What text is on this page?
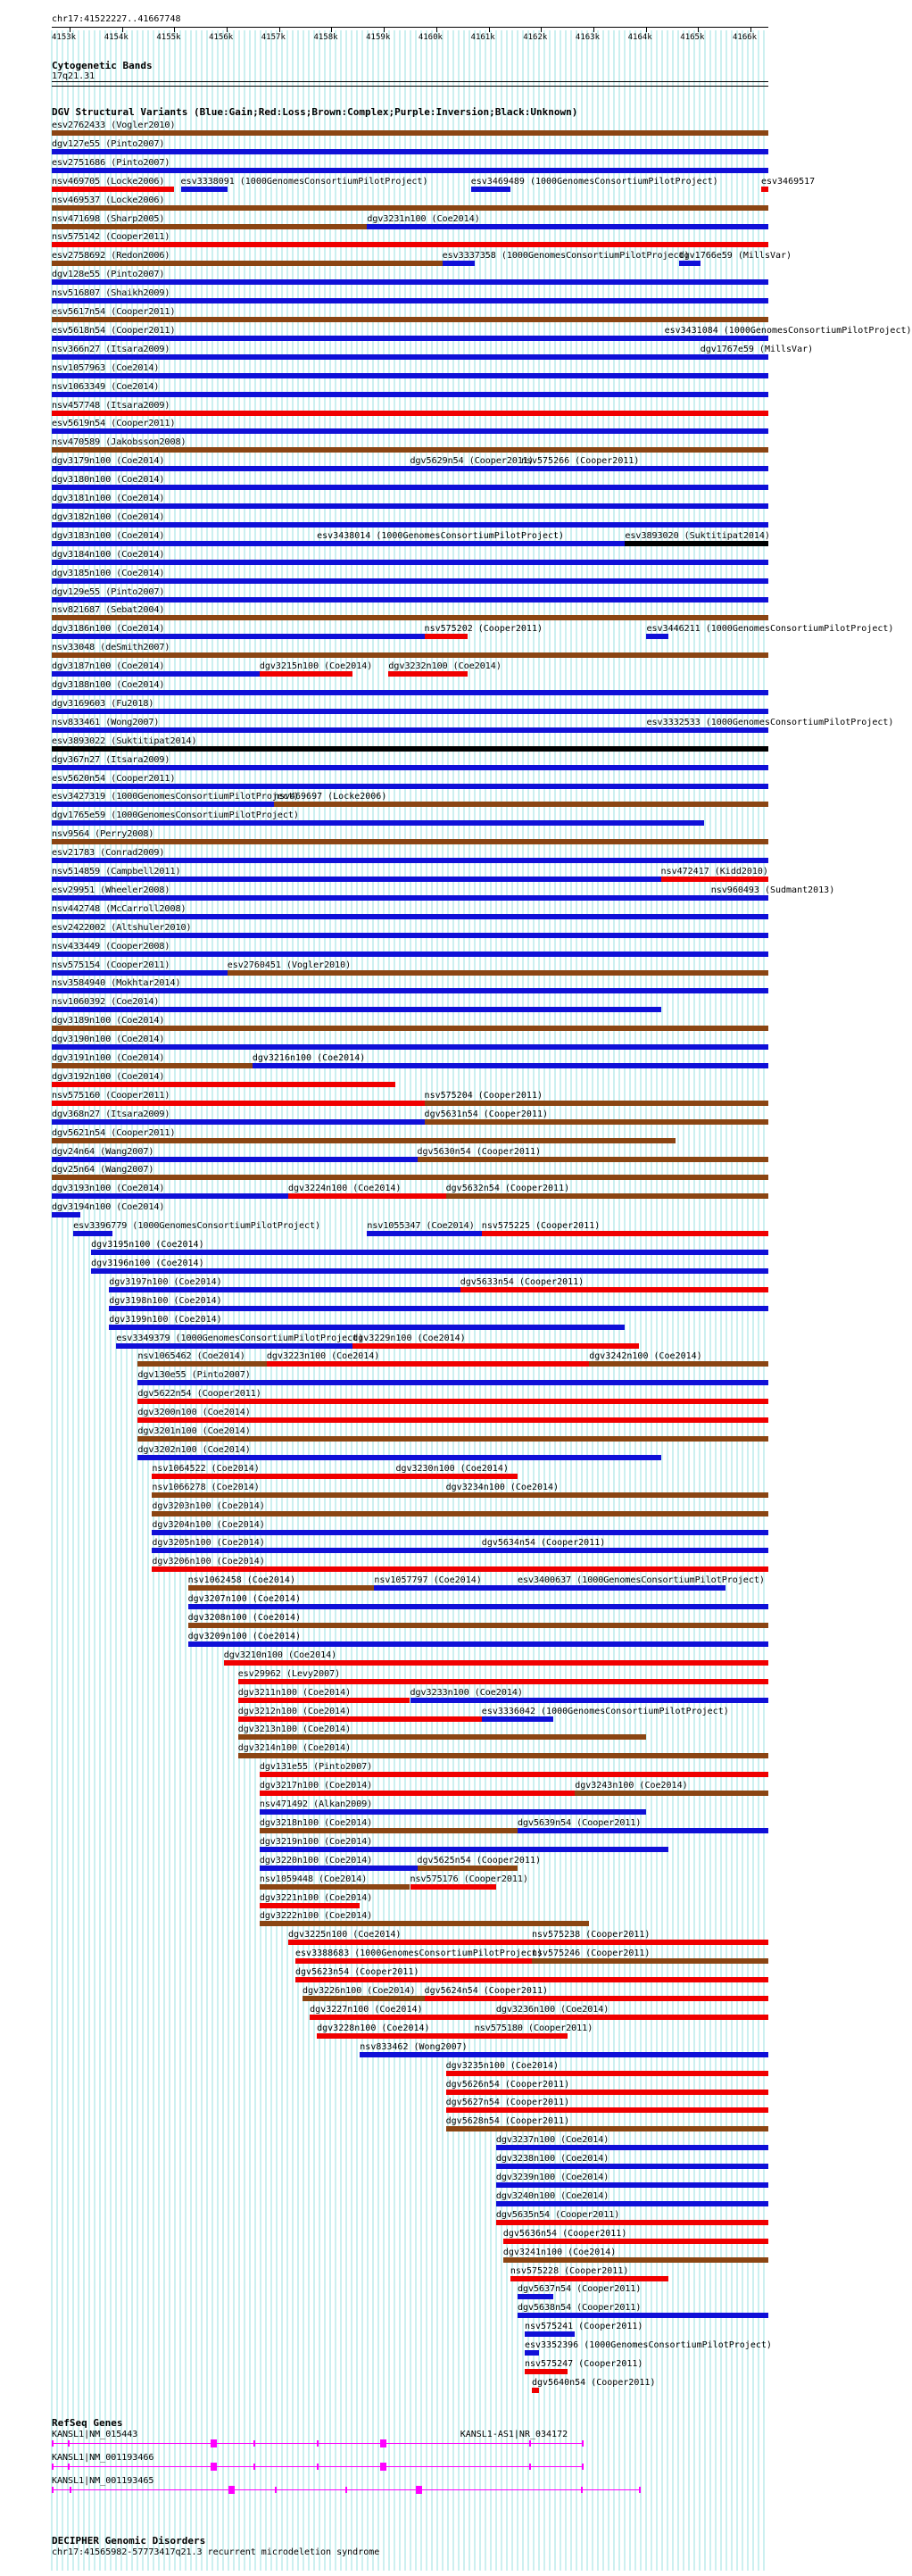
chr17:41522227..41667748
4153k	4154k	4155k	4156k	4157k	4158k	4159k	4160k	4161k	4162k	4163k	4164k	4165k	4166k
Cytogenetic Bands
17q21.31
DGV Structural Variants (Blue:Gain;Red:Loss;Brown:Complex;Purple:Inversion;Black:Unknown)
esv2762433 (Vogler2010)
dgv127e55 (Pinto2007)
esv2751686 (Pinto2007)
nsv469705 (Locke2006) esv3338091 (1000GenomesConsortiumPilotProject)	esv3469489 (1000GenomesConsortiumPilotProject)	esv3469517
nsv469537 (Locke2006)
nsv471698 (Sharp2005)	dgv3231n100 (Coe2014)
nsv575142 (Cooper2011)
esv2758692 (Redon2006)	esv3337358 (1000GenomesConsortiumPilotProject)
dgv1766e59 (MillsVar)
dgv128e55 (Pinto2007)
nsv516807 (Shaikh2009)
esv5617n54 (Cooper2011)
esv5618n54 (Cooper2011)	esv3431084 (1000GenomesConsortiumPilotProject)
nsv366n27 (Itsara2009)	dgv1767e59 (MillsVar)
nsv1057963 (Coe2014)
nsv1063349 (Coe2014)
nsv457748 (Itsara2009)
esv5619n54 (Cooper2011)
nsv470589 (Jakobsson2008)
dgv3179n100 (Coe2014)	dgv5629n54 (Cooper2011)
nsv575266 (Cooper2011)
dgv3180n100 (Coe2014)
dgv3181n100 (Coe2014)
dgv3182n100 (Coe2014)
dgv3183n100 (Coe2014)	esv3438014 (1000GenomesConsortiumPilotProject)	esv3893020 (Suktitipat2014)
dgv3184n100 (Coe2014)
dgv3185n100 (Coe2014)
dgv129e55 (Pinto2007)
nsv821687 (Sebat2004)
dgv3186n100 (Coe2014)	nsv575202 (Cooper2011)	esv3446211 (1000GenomesConsortiumPilotProject)
nsv33048 (deSmith2007)
dgv3187n100 (Coe2014)	dgv3215n100 (Coe2014) dgv3232n100 (Coe2014)
dgv3188n100 (Coe2014)
dgv3169603 (Fu2018)
nsv833461 (Wong2007)	esv3332533 (1000GenomesConsortiumPilotProject)
esv3893022 (Suktitipat2014)
dgv367n27 (Itsara2009)
esv5620n54 (Cooper2011)
esv3427319 (1000GenomesConsortiumPilotProject)
nsv469697 (Locke2006)
dgv1765e59 (1000GenomesConsortiumPilotProject)
nsv9564 (Perry2008)
esv21783 (Conrad2009)
nsv514859 (Campbell2011)	nsv472417 (Kidd2010)
esv29951 (Wheeler2008)	nsv960493 (Sudmant2013)
nsv442748 (McCarroll2008)
esv2422002 (Altshuler2010)
nsv433449 (Cooper2008)
nsv575154 (Cooper2011)	esv2760451 (Vogler2010)
nsv3584940 (Mokhtar2014)
nsv1060392 (Coe2014)
dgv3189n100 (Coe2014)
dgv3190n100 (Coe2014)
dgv3191n100 (Coe2014)	dgv3216n100 (Coe2014)
dgv3192n100 (Coe2014)
nsv575160 (Cooper2011)	nsv575204 (Cooper2011)
dgv368n27 (Itsara2009)	dgv5631n54 (Cooper2011)
dgv5621n54 (Cooper2011)
dgv24n64 (Wang2007)	dgv5630n54 (Cooper2011)
dgv25n64 (Wang2007)
dgv3193n100 (Coe2014)	dgv3224n100 (Coe2014)	dgv5632n54 (Cooper2011)
dgv3194n100 (Coe2014)
esv3396779 (1000GenomesConsortiumPilotProject)	nsv1055347 (Coe2014) nsv575225 (Cooper2011)
dgv3195n100 (Coe2014)
dgv3196n100 (Coe2014)
dgv3197n100 (Coe2014)	dgv5633n54 (Cooper2011)
dgv3198n100 (Coe2014)
dgv3199n100 (Coe2014)
esv3349379 (1000GenomesConsortiumPilotProject)
dgv3229n100 (Coe2014)
nsv1065462 (Coe2014) dgv3223n100 (Coe2014)	dgv3242n100 (Coe2014)
dgv130e55 (Pinto2007)
dgv5622n54 (Cooper2011)
dgv3200n100 (Coe2014)
dgv3201n100 (Coe2014)
dgv3202n100 (Coe2014)
nsv1064522 (Coe2014)	dgv3230n100 (Coe2014)
nsv1066278 (Coe2014)	dgv3234n100 (Coe2014)
dgv3203n100 (Coe2014)
dgv3204n100 (Coe2014)
dgv3205n100 (Coe2014)	dgv5634n54 (Cooper2011)
dgv3206n100 (Coe2014)
nsv1062458 (Coe2014)	nsv1057797 (Coe2014)	esv3400637 (1000GenomesConsortiumPilotProject)
dgv3207n100 (Coe2014)
dgv3208n100 (Coe2014)
dgv3209n100 (Coe2014)
dgv3210n100 (Coe2014)
esv29962 (Levy2007)
dgv3211n100 (Coe2014)	dgv3233n100 (Coe2014)
dgv3212n100 (Coe2014)	esv3336042 (1000GenomesConsortiumPilotProject)
dgv3213n100 (Coe2014)
dgv3214n100 (Coe2014)
dgv131e55 (Pinto2007)
dgv3217n100 (Coe2014)	dgv3243n100 (Coe2014)
nsv471492 (Alkan2009)
dgv3218n100 (Coe2014)	dgv5639n54 (Cooper2011)
dgv3219n100 (Coe2014)
dgv3220n100 (Coe2014)	dgv5625n54 (Cooper2011)
nsv1059448 (Coe2014)	nsv575176 (Cooper2011)
dgv3221n100 (Coe2014)
dgv3222n100 (Coe2014)
dgv3225n100 (Coe2014)	nsv575238 (Cooper2011)
esv3388683 (1000GenomesConsortiumPilotProject)
nsv575246 (Cooper2011)
dgv5623n54 (Cooper2011)
dgv3226n100 (Coe2014) dgv5624n54 (Cooper2011)
dgv3227n100 (Coe2014)	dgv3236n100 (Coe2014)
dgv3228n100 (Coe2014)	nsv575180 (Cooper2011)
nsv833462 (Wong2007)
dgv3235n100 (Coe2014)
dgv5626n54 (Cooper2011)
dgv5627n54 (Cooper2011)
dgv5628n54 (Cooper2011)
dgv3237n100 (Coe2014)
dgv3238n100 (Coe2014)
dgv3239n100 (Coe2014)
dgv3240n100 (Coe2014)
dgv5635n54 (Cooper2011)
dgv5636n54 (Cooper2011)
dgv3241n100 (Coe2014)
nsv575228 (Cooper2011)
dgv5637n54 (Cooper2011)
dgv5638n54 (Cooper2011)
nsv575241 (Cooper2011)
esv3352396 (1000GenomesConsortiumPilotProject)
nsv575247 (Cooper2011)
dgv5640n54 (Cooper2011)
RefSeq Genes
KANSL1|NM_015443	KANSL1-AS1|NR_034172
KANSL1|NM_001193466
KANSL1|NM_001193465
DECIPHER Genomic Disorders
chr17:41565982-57773417q21.3 recurrent microdeletion syndrome
